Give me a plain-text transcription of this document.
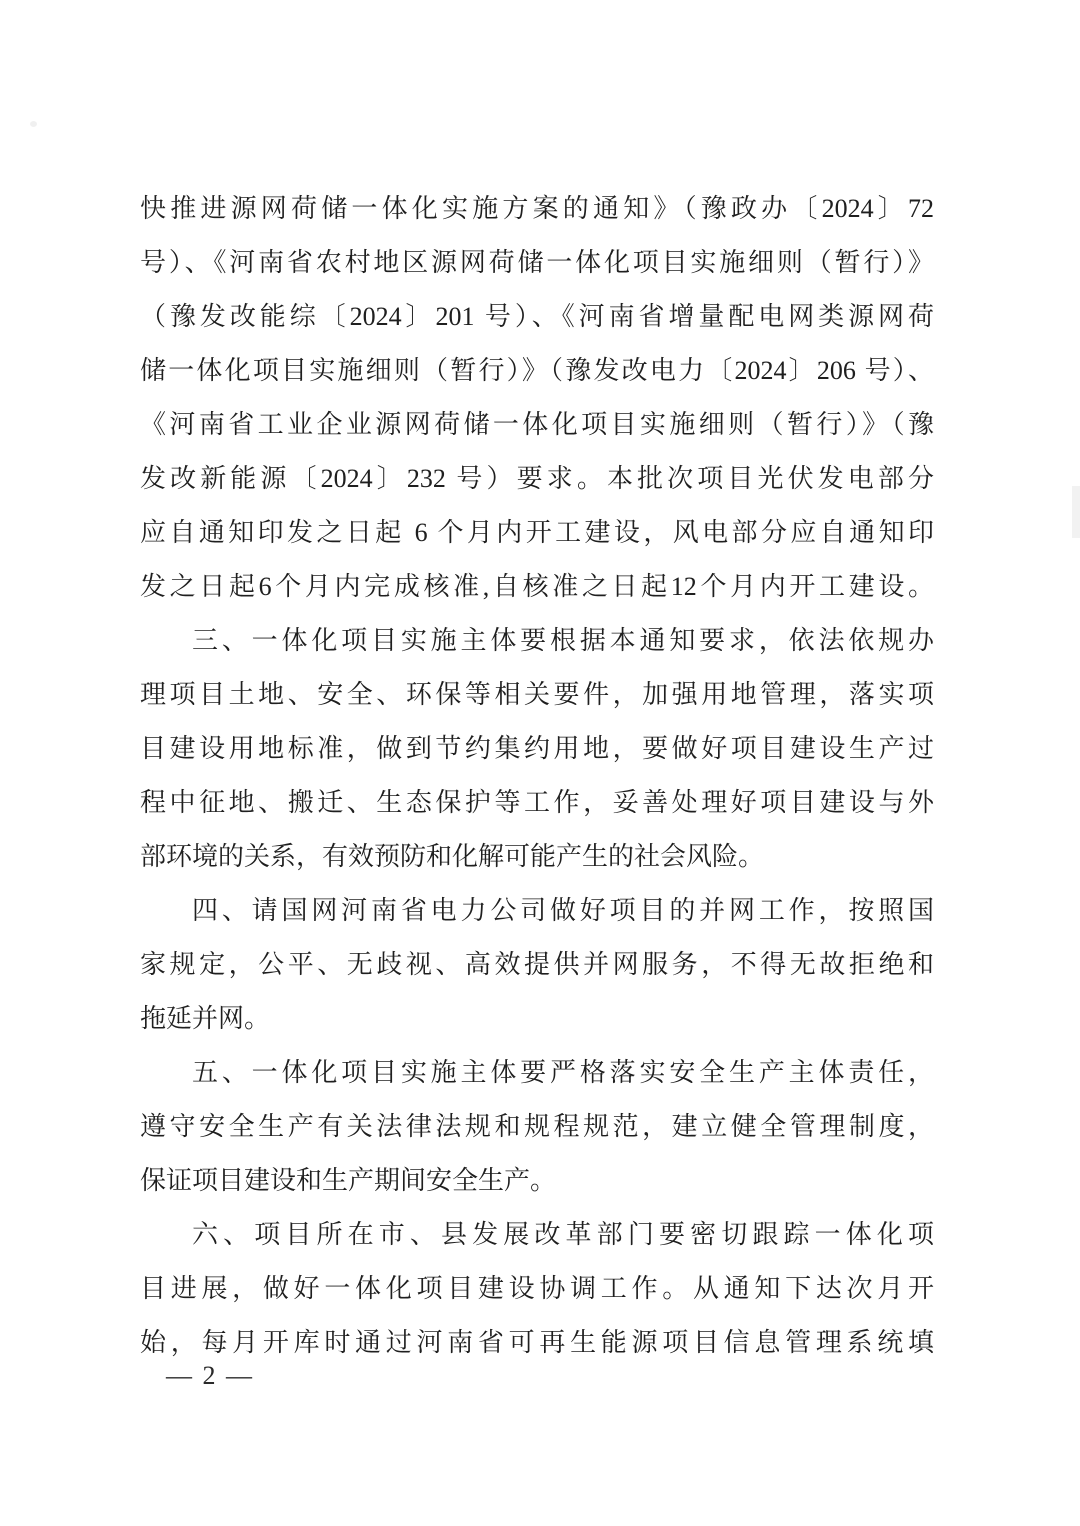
快推进源网荷储一体化实施方案的通知》（豫政办〔2024〕72
号）、《河南省农村地区源网荷储一体化项目实施细则（暂行）》
（豫发改能综〔2024〕201 号）、《河南省增量配电网类源网荷
储一体化项目实施细则（暂行）》（豫发改电力〔2024〕206 号）、
《河南省工业企业源网荷储一体化项目实施细则（暂行）》（豫
发改新能源〔2024〕232 号）要求。本批次项目光伏发电部分
应自通知印发之日起 6 个月内开工建设，风电部分应自通知印
发之日起6个月内完成核准,自核准之日起12个月内开工建设。
三、一体化项目实施主体要根据本通知要求，依法依规办
理项目土地、安全、环保等相关要件，加强用地管理，落实项
目建设用地标准，做到节约集约用地，要做好项目建设生产过
程中征地、搬迁、生态保护等工作，妥善处理好项目建设与外
部环境的关系，有效预防和化解可能产生的社会风险。
四、请国网河南省电力公司做好项目的并网工作，按照国
家规定，公平、无歧视、高效提供并网服务，不得无故拒绝和
拖延并网。
五、一体化项目实施主体要严格落实安全生产主体责任，
遵守安全生产有关法律法规和规程规范，建立健全管理制度，
保证项目建设和生产期间安全生产。
六、项目所在市、县发展改革部门要密切跟踪一体化项
目进展，做好一体化项目建设协调工作。从通知下达次月开
始，每月开库时通过河南省可再生能源项目信息管理系统填
— 2 —
